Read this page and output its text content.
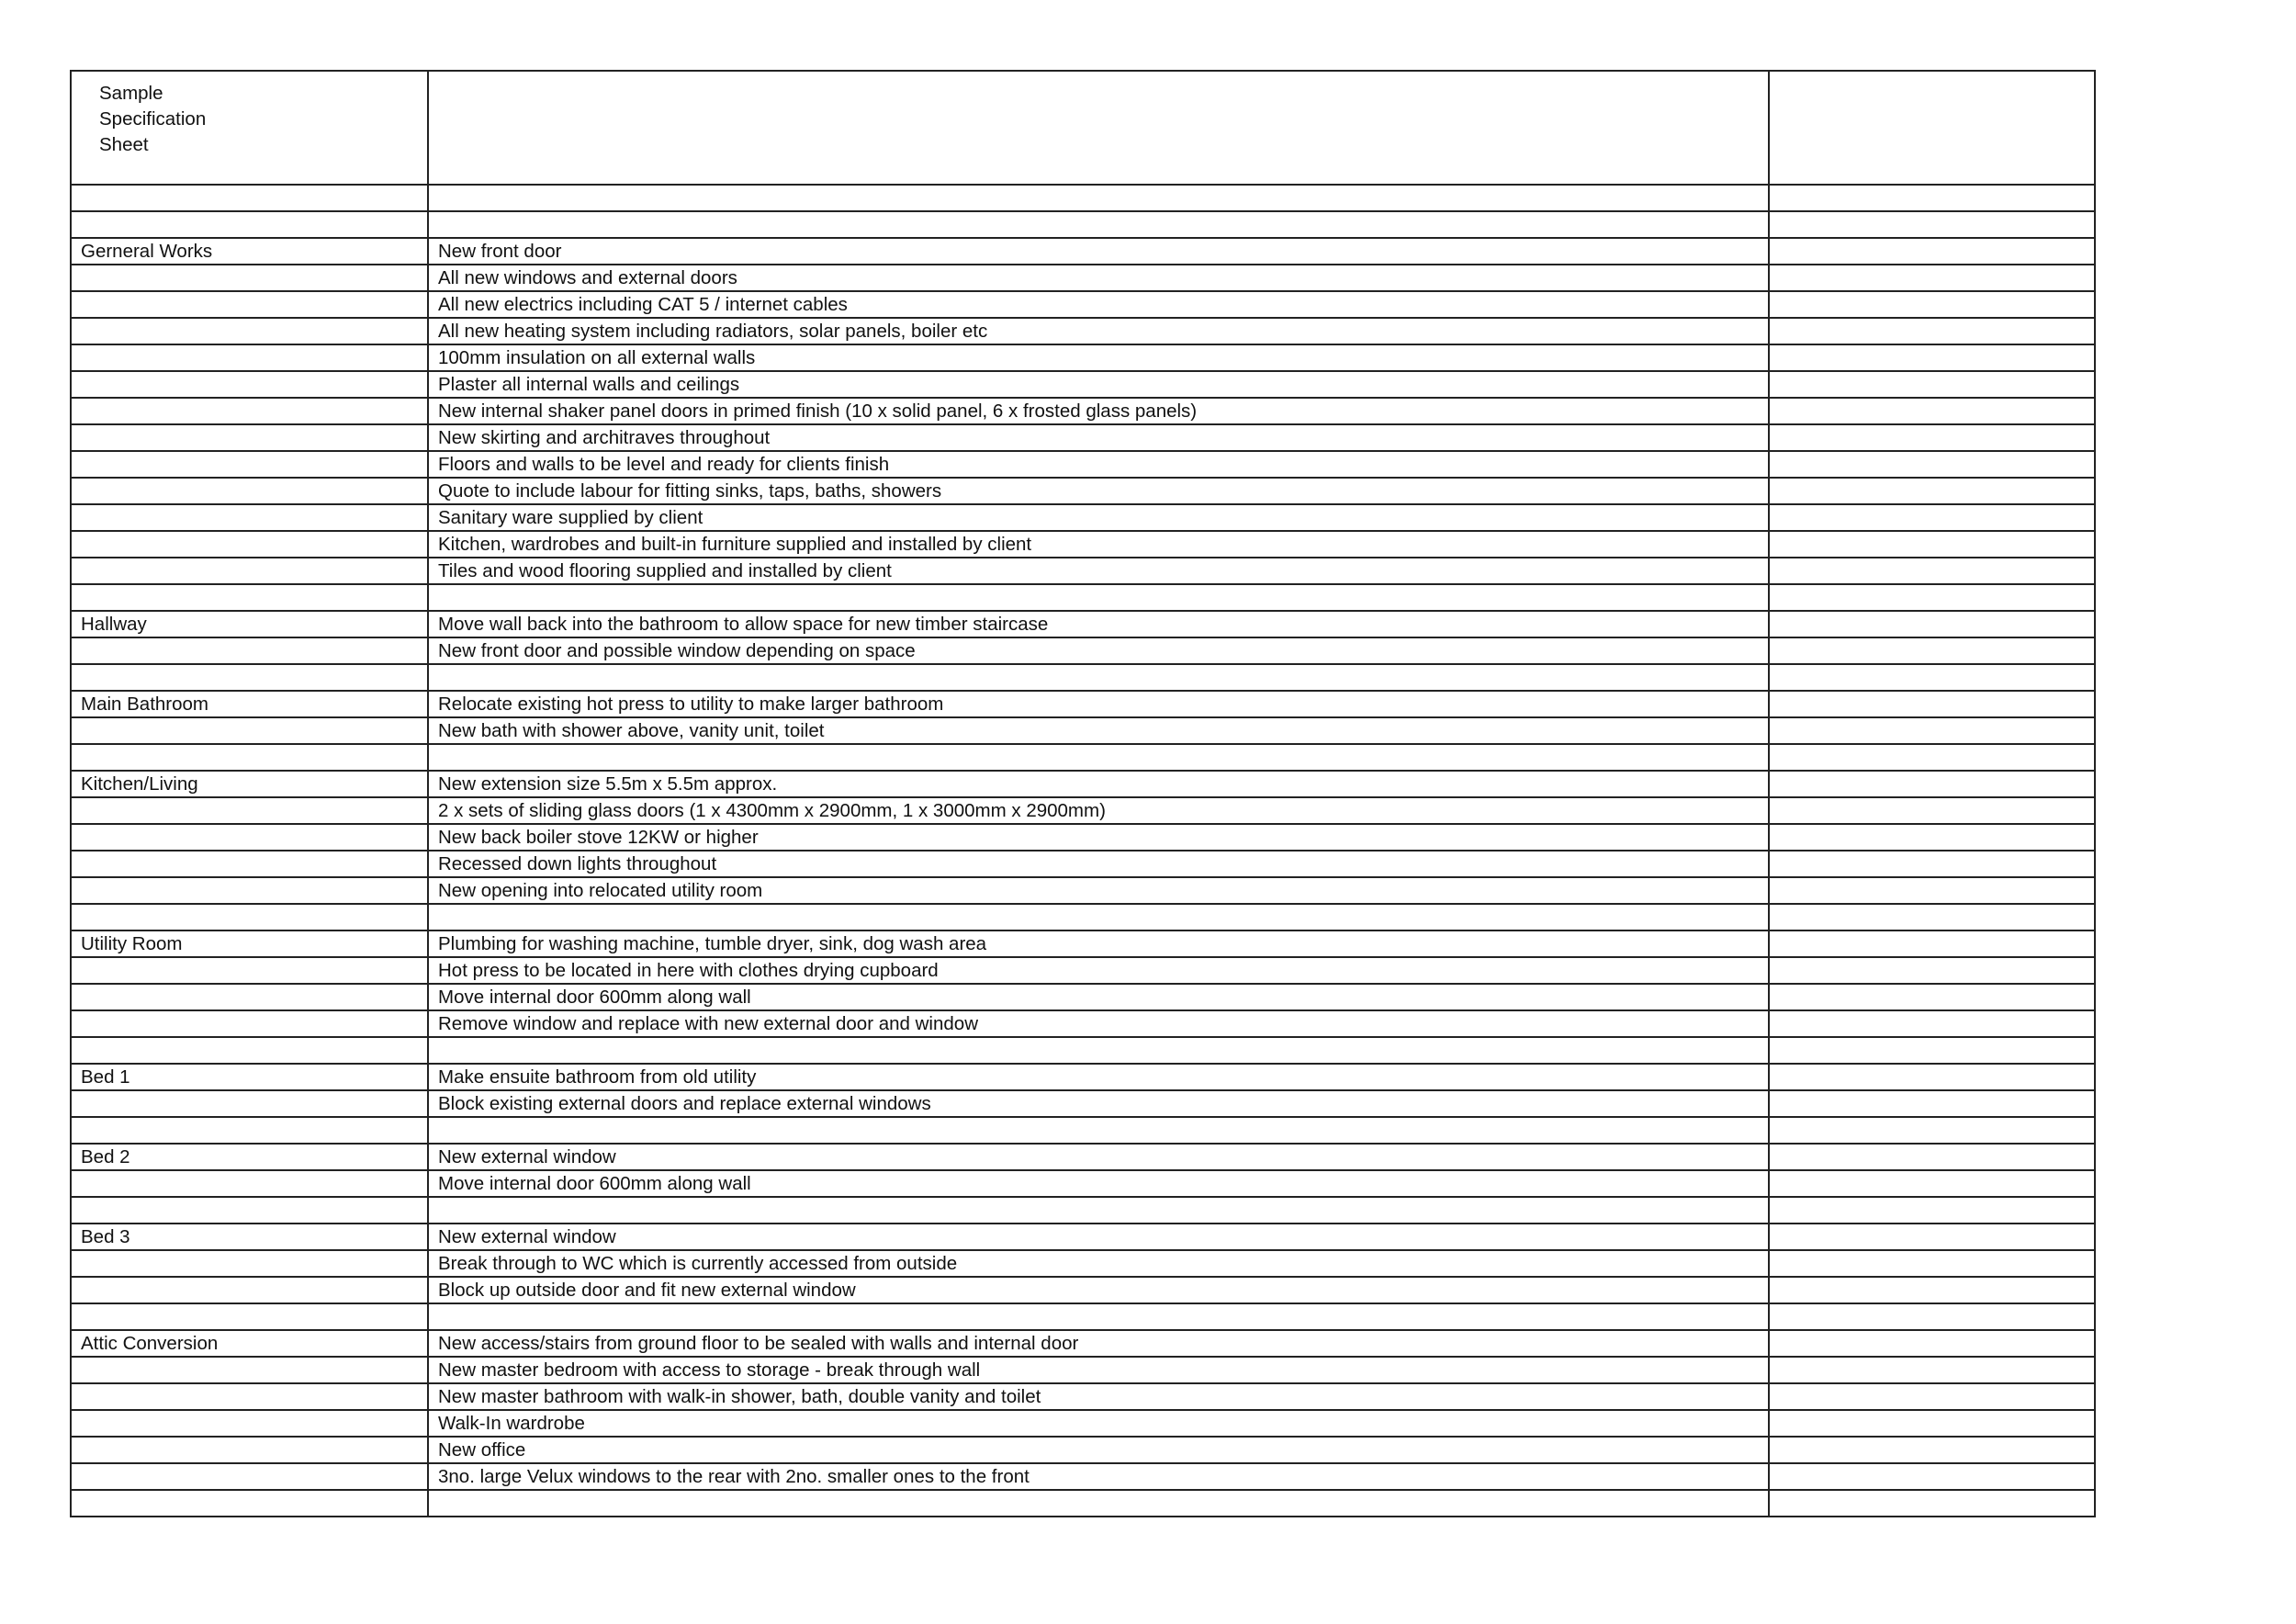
Sample
Specification
Sheet		

Gerneral Works	New front door	
	All new windows and external doors	
	All new electrics including CAT 5 / internet cables	
	All new heating system including radiators, solar panels, boiler etc	
	100mm insulation on all external walls	
	Plaster all internal walls and ceilings	
	New internal shaker panel doors in primed finish (10 x solid panel, 6 x frosted glass panels)	
	New skirting and architraves throughout	
	Floors and walls to be level and ready for clients finish	
	Quote to include labour for fitting sinks, taps, baths, showers	
	Sanitary ware supplied by client	
	Kitchen, wardrobes and built-in furniture supplied and installed by client	
	Tiles and wood flooring supplied and installed by client	

Hallway	Move wall back into the bathroom to allow space for new timber staircase	
	New front door and possible window depending on space	

Main Bathroom	Relocate existing hot press to utility to make larger bathroom	
	New bath with shower above, vanity unit, toilet	

Kitchen/Living	New extension size 5.5m x 5.5m approx.	
	2 x sets of sliding glass doors (1 x 4300mm x 2900mm, 1 x 3000mm x 2900mm)	
	New back boiler stove 12KW or higher	
	Recessed down lights throughout	
	New opening into relocated utility room	

Utility Room	Plumbing for washing machine, tumble dryer, sink, dog wash area	
	Hot press to be located in here with clothes drying cupboard	
	Move internal door 600mm along wall	
	Remove window and replace with new external door and window	

Bed 1	Make ensuite bathroom from old utility	
	Block existing external doors and replace external windows	

Bed 2	New external window	
	Move internal door 600mm along wall	

Bed 3	New external window	
	Break through to WC which is currently accessed from outside	
	Block up outside door and fit new external window	

Attic Conversion	New access/stairs from ground floor to be sealed with walls and internal door	
	New master bedroom with access to storage - break through wall	
	New master bathroom with walk-in shower, bath, double vanity and toilet	
	Walk-In wardrobe	
	New office	
	3no. large Velux windows to the rear with 2no. smaller ones to the front	
